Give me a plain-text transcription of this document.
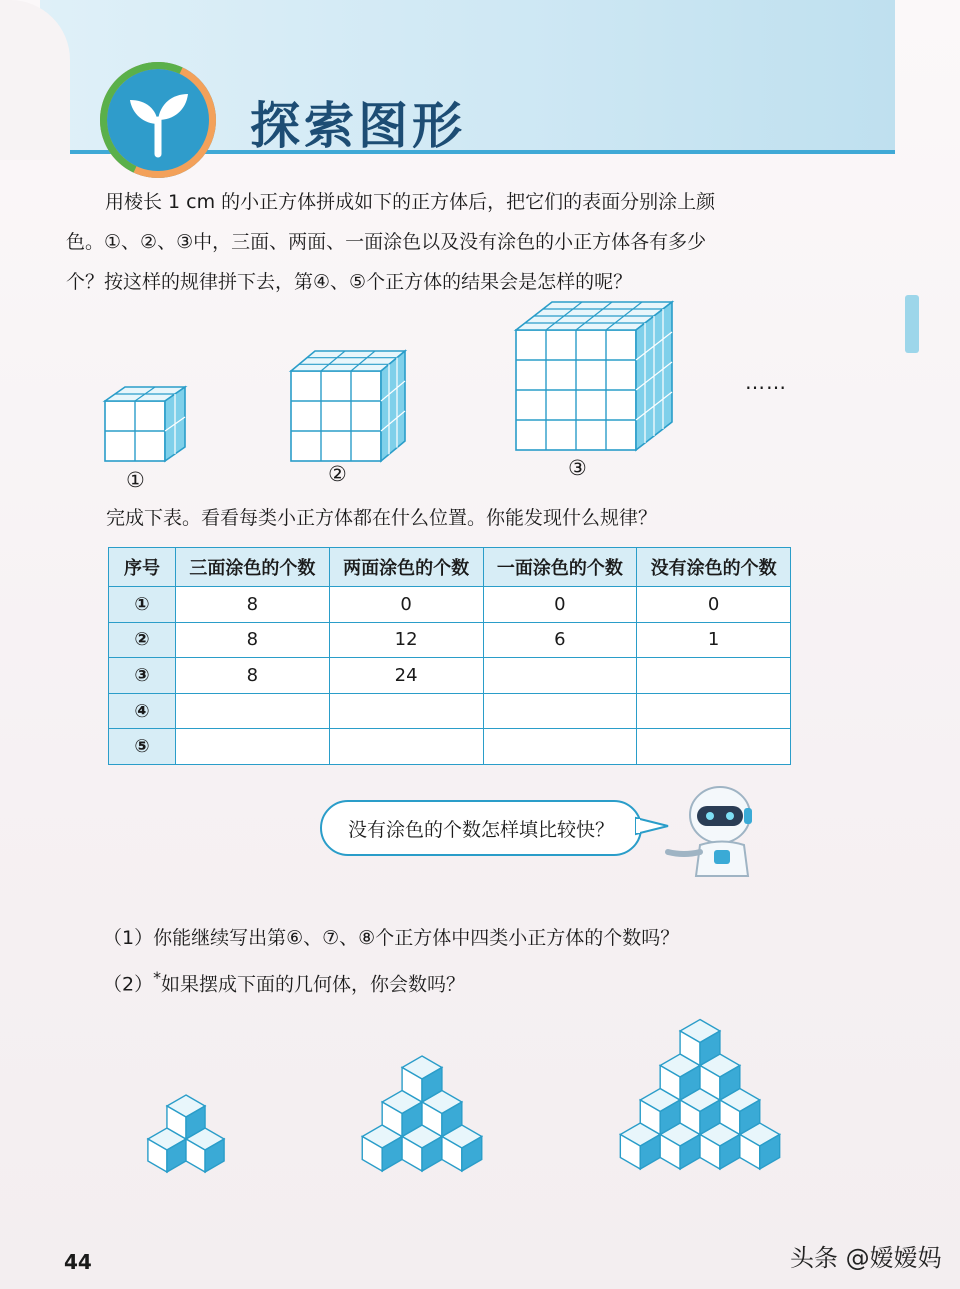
探索图形
用棱长 1 cm 的小正方体拼成如下的正方体后，把它们的表面分别涂上颜
色。①、②、③中，三面、两面、一面涂色以及没有涂色的小正方体各有多少
个？按这样的规律拼下去，第④、⑤个正方体的结果会是怎样的呢？
①	②	③
……
完成下表。看看每类小正方体都在什么位置。你能发现什么规律？
序号	三面涂色的个数	两面涂色的个数	一面涂色的个数	没有涂色的个数
①	8	0	0	0
②	8	12	6	1
③	8	24		
④				
⑤				
没有涂色的个数怎样填比较快？
（1）你能继续写出第⑥、⑦、⑧个正方体中四类小正方体的个数吗？
（2）*如果摆成下面的几何体，你会数吗？
44	头条 @嫒嫒妈
